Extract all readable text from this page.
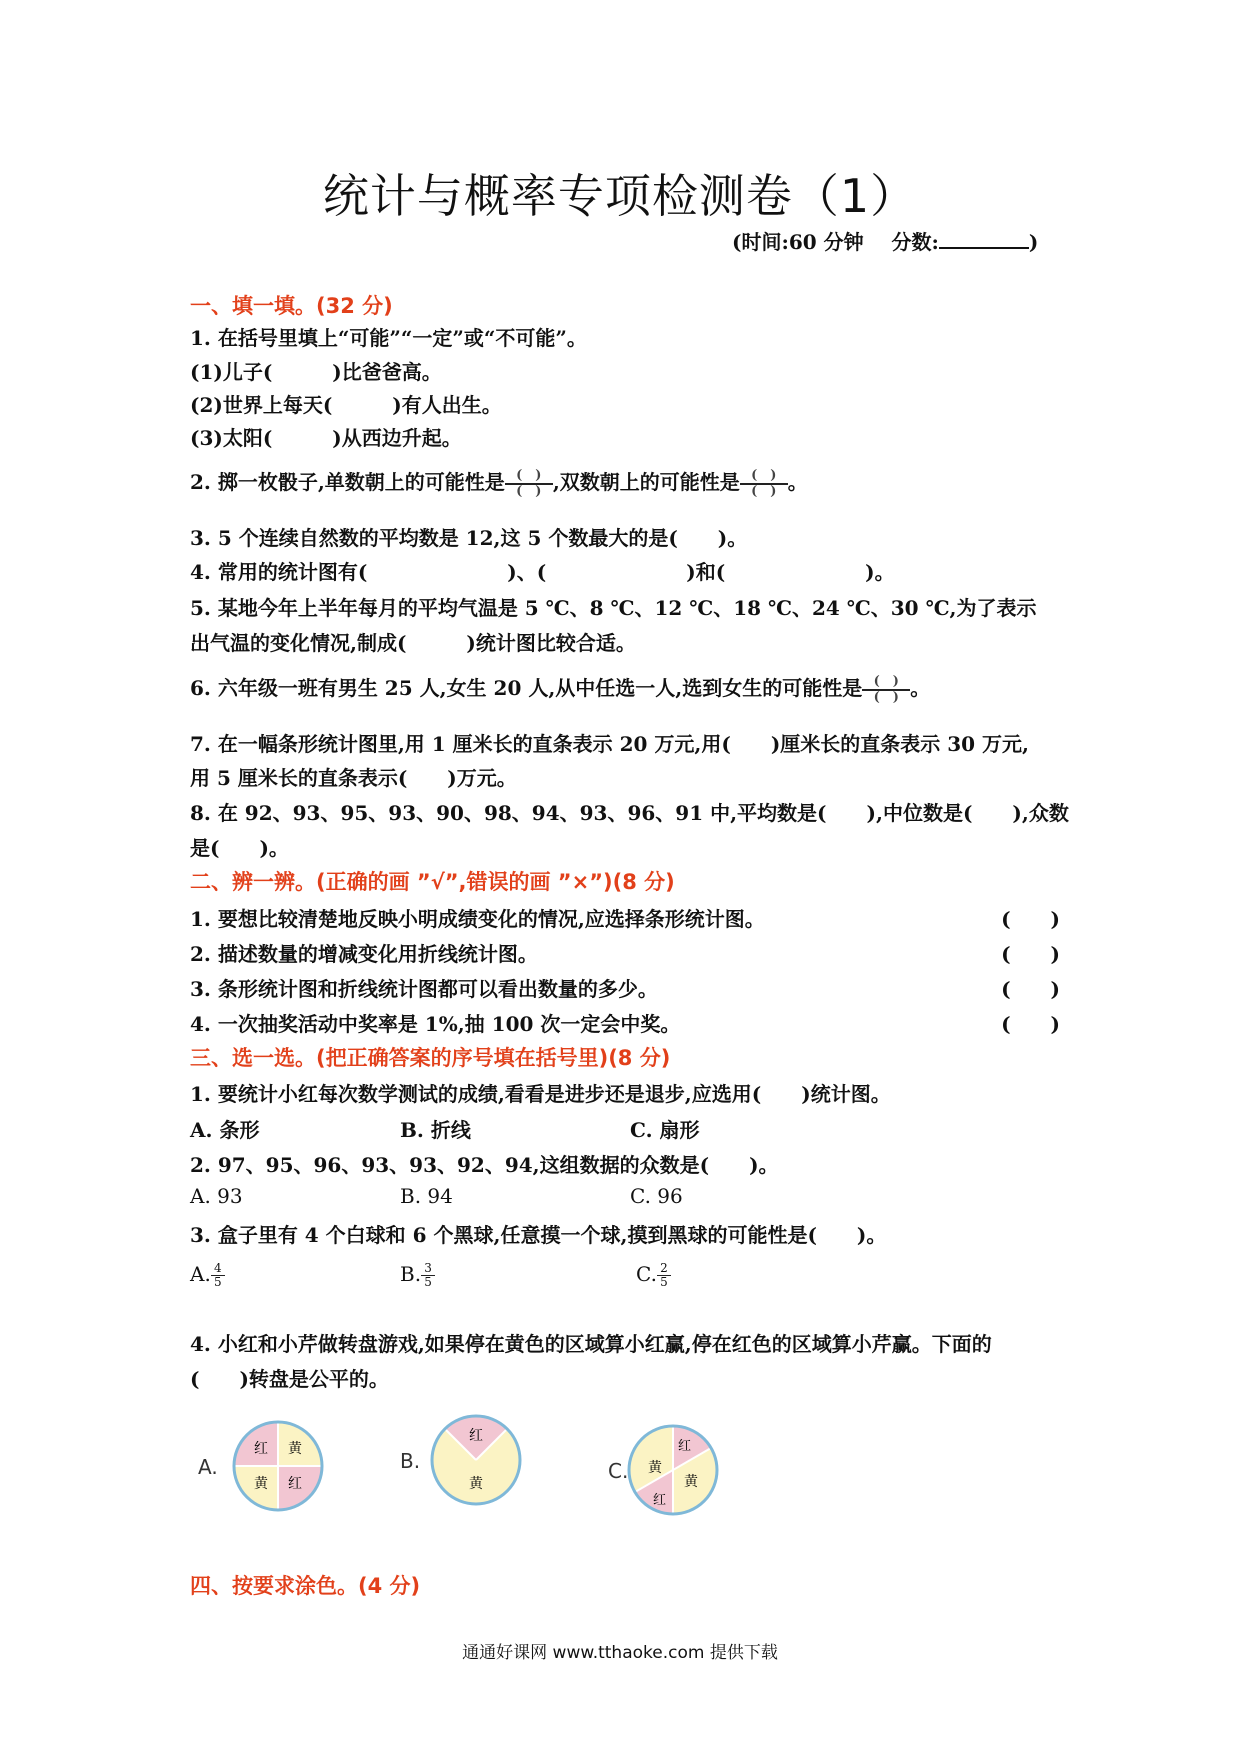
统计与概率专项检测卷（1）
(时间:60 分钟 分数:	)
一、填一填。(32 分)
1. 在括号里填上“可能”“一定”或“不可能”。
(1)儿子(　　　)比爸爸高。
(2)世界上每天(　　　)有人出生。
(3)太阳(　　　)从西边升起。
2. 掷一枚骰子,单数朝上的可能性是 $\frac{( )}{( )}$ ,双数朝上的可能性是 $\frac{( )}{( )}$ 。
3. 5 个连续自然数的平均数是 12,这 5 个数最大的是(　　)。
4. 常用的统计图有(　　　　　　　)、(　　　　　　　)和(　　　　　　　)。
5. 某地今年上半年每月的平均气温是 5 ℃、8 ℃、12 ℃、18 ℃、24 ℃、30 ℃,为了表示
出气温的变化情况,制成(　　　)统计图比较合适。
6. 六年级一班有男生 25 人,女生 20 人,从中任选一人,选到女生的可能性是 $\frac{( )}{( )}$ 。
7. 在一幅条形统计图里,用 1 厘米长的直条表示 20 万元,用(　　)厘米长的直条表示 30 万元,
用 5 厘米长的直条表示(　　)万元。
8. 在 92、93、95、93、90、98、94、93、96、91 中,平均数是(　　),中位数是(　　),众数
是(　　)。
二、辨一辨。(正确的画 ”√”,错误的画 ”×”)(8 分)
1. 要想比较清楚地反映小明成绩变化的情况,应选择条形统计图。	(　　)
2. 描述数量的增减变化用折线统计图。	(　　)
3. 条形统计图和折线统计图都可以看出数量的多少。	(　　)
4. 一次抽奖活动中奖率是 1%,抽 100 次一定会中奖。	(　　)
三、选一选。(把正确答案的序号填在括号里)(8 分)
1. 要统计小红每次数学测试的成绩,看看是进步还是退步,应选用(　　)统计图。
A. 条形	B. 折线	C. 扇形
2. 97、95、96、93、93、92、94,这组数据的众数是(　　)。
A. 93	B. 94	C. 96
3. 盒子里有 4 个白球和 6 个黑球,任意摸一个球,摸到黑球的可能性是(　　)。
A. $\frac{4}{5}$	B. $\frac{3}{5}$	C. $\frac{2}{5}$
4. 小红和小芹做转盘游戏,如果停在黄色的区域算小红赢,停在红色的区域算小芹赢。下面的
(　　)转盘是公平的。
A.
红 黄
黄 红
B.
红
黄
C.
红
黄
黄
红
四、按要求涂色。(4 分)
通通好课网 www.tthaoke.com 提供下载
